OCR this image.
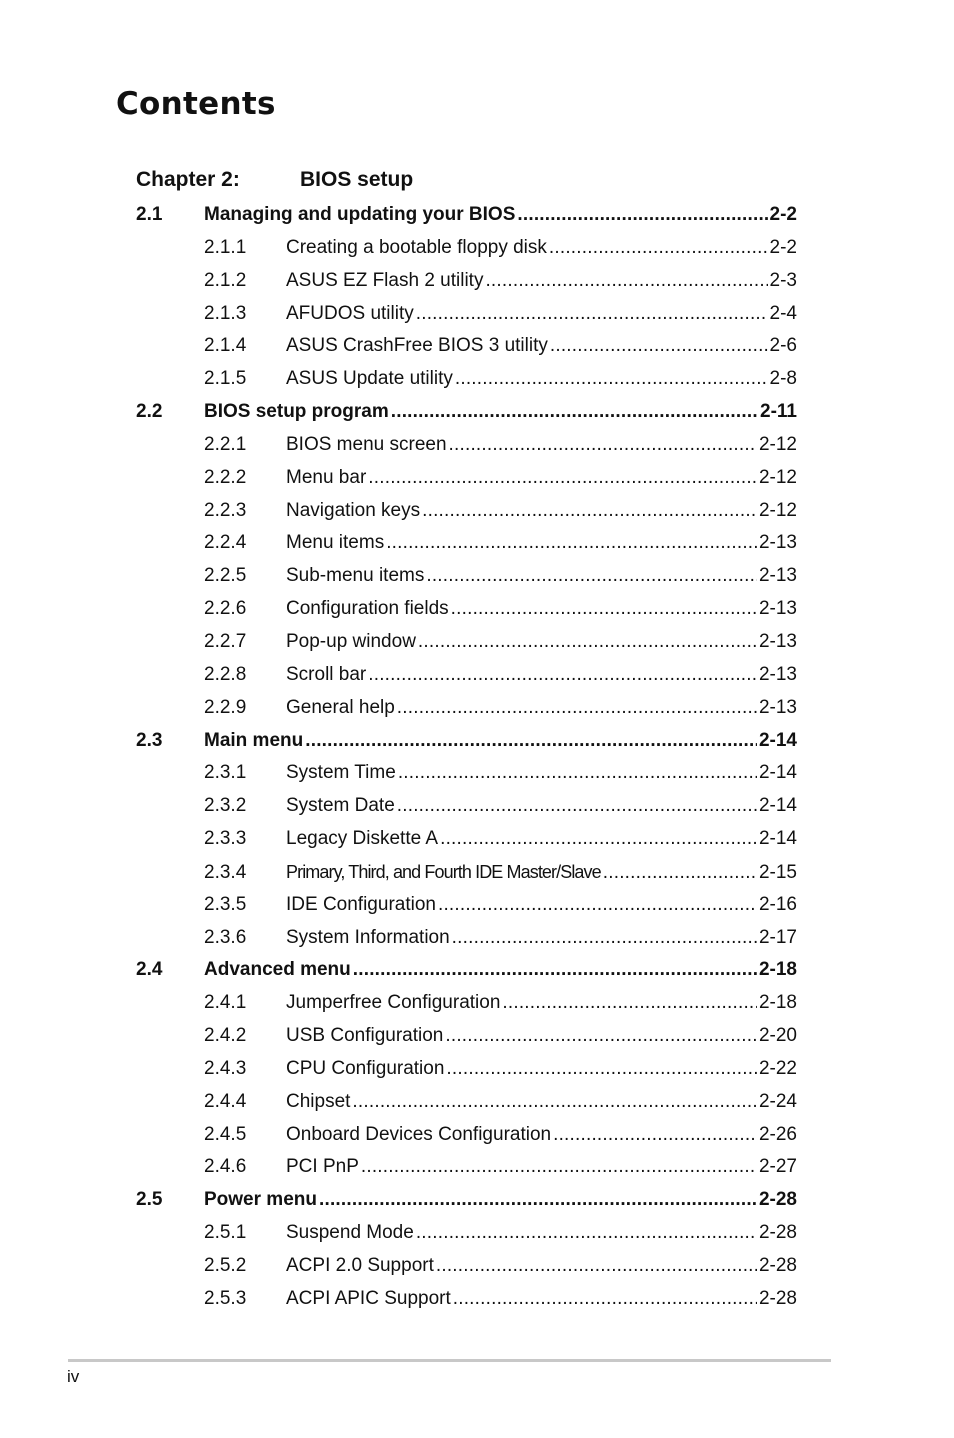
Contents
Chapter 2:	BIOS setup
2.1	Managing and updating your BIOS .....	2-2
2.1.1	Creating a bootable floppy disk .....	2-2
2.1.2	ASUS EZ Flash 2 utility .....	2-3
2.1.3	AFUDOS utility .....	2-4
2.1.4	ASUS CrashFree BIOS 3 utility .....	2-6
2.1.5	ASUS Update utility .....	2-8
2.2	BIOS setup program .....	2-11
2.2.1	BIOS menu screen .....	2-12
2.2.2	Menu bar .....	2-12
2.2.3	Navigation keys .....	2-12
2.2.4	Menu items .....	2-13
2.2.5	Sub-menu items .....	2-13
2.2.6	Configuration fields .....	2-13
2.2.7	Pop-up window .....	2-13
2.2.8	Scroll bar .....	2-13
2.2.9	General help .....	2-13
2.3	Main menu .....	2-14
2.3.1	System Time .....	2-14
2.3.2	System Date .....	2-14
2.3.3	Legacy Diskette A .....	2-14
2.3.4	Primary, Third, and Fourth IDE Master/Slave .....	2-15
2.3.5	IDE Configuration .....	2-16
2.3.6	System Information .....	2-17
2.4	Advanced menu .....	2-18
2.4.1	Jumperfree Configuration .....	2-18
2.4.2	USB Configuration .....	2-20
2.4.3	CPU Configuration .....	2-22
2.4.4	Chipset .....	2-24
2.4.5	Onboard Devices Configuration .....	2-26
2.4.6	PCI PnP .....	2-27
2.5	Power menu .....	2-28
2.5.1	Suspend Mode .....	2-28
2.5.2	ACPI 2.0 Support .....	2-28
2.5.3	ACPI APIC Support .....	2-28
iv
